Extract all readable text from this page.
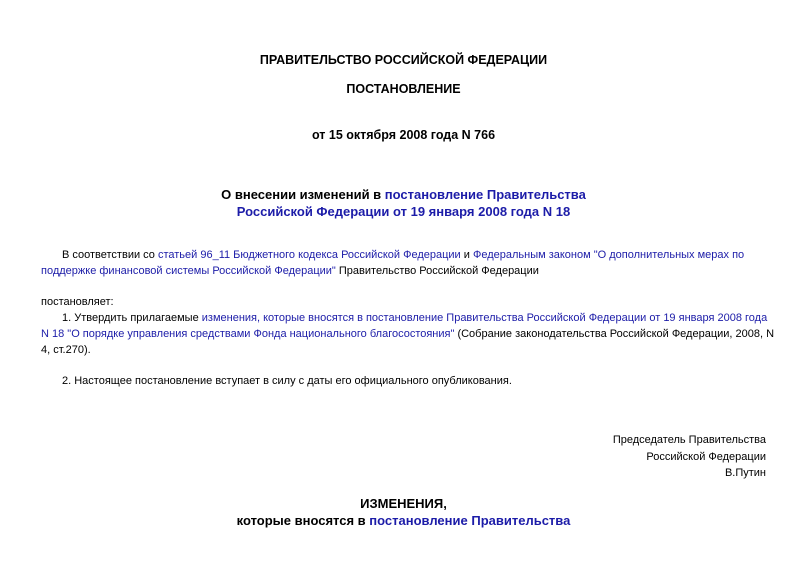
ПРАВИТЕЛЬСТВО РОССИЙСКОЙ ФЕДЕРАЦИИ
ПОСТАНОВЛЕНИЕ
от 15 октября 2008 года N 766
О внесении изменений в постановление Правительства
Российской Федерации от 19 января 2008 года N 18
В соответствии со статьей 96_11 Бюджетного кодекса Российской Федерации и Федеральным законом "О дополнительных мерах по
поддержке финансовой системы Российской Федерации" Правительство Российской Федерации
постановляет:
1. Утвердить прилагаемые изменения, которые вносятся в постановление Правительства Российской Федерации от 19 января 2008 года
N 18 "О порядке управления средствами Фонда национального благосостояния" (Собрание законодательства Российской Федерации, 2008, N
4, ст.270).
2. Настоящее постановление вступает в силу с даты его официального опубликования.
Председатель Правительства
Российской Федерации
В.Путин
ИЗМЕНЕНИЯ,
которые вносятся в постановление Правительства
